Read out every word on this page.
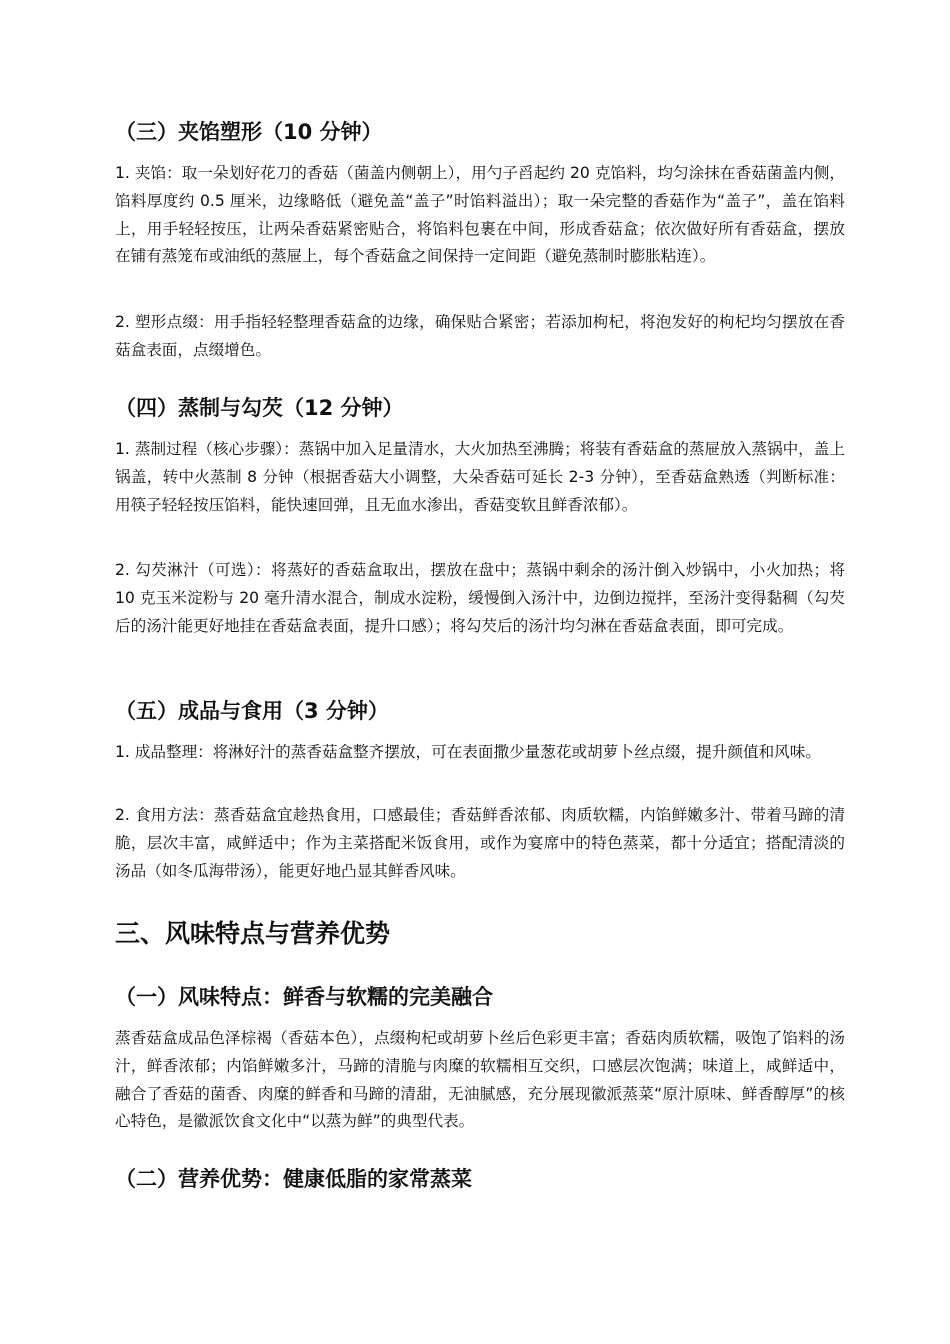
（三）夹馅塑形（10 分钟）

1. 夹馅：取一朵划好花刀的香菇（菌盖内侧朝上），用勺子舀起约 20 克馅料，均匀涂抹在香菇菌盖内侧，馅料厚度约 0.5 厘米，边缘略低（避免盖“盖子”时馅料溢出）；取一朵完整的香菇作为“盖子”，盖在馅料上，用手轻轻按压，让两朵香菇紧密贴合，将馅料包裹在中间，形成香菇盒；依次做好所有香菇盒，摆放在铺有蒸笼布或油纸的蒸屉上，每个香菇盒之间保持一定间距（避免蒸制时膨胀粘连）。

2. 塑形点缀：用手指轻轻整理香菇盒的边缘，确保贴合紧密；若添加枸杞，将泡发好的枸杞均匀摆放在香菇盒表面，点缀增色。

（四）蒸制与勾芡（12 分钟）

1. 蒸制过程（核心步骤）：蒸锅中加入足量清水，大火加热至沸腾；将装有香菇盒的蒸屉放入蒸锅中，盖上锅盖，转中火蒸制 8 分钟（根据香菇大小调整，大朵香菇可延长 2-3 分钟），至香菇盒熟透（判断标准：用筷子轻轻按压馅料，能快速回弹，且无血水渗出，香菇变软且鲜香浓郁）。

2. 勾芡淋汁（可选）：将蒸好的香菇盒取出，摆放在盘中；蒸锅中剩余的汤汁倒入炒锅中，小火加热；将 10 克玉米淀粉与 20 毫升清水混合，制成水淀粉，缓慢倒入汤汁中，边倒边搅拌，至汤汁变得黏稠（勾芡后的汤汁能更好地挂在香菇盒表面，提升口感）；将勾芡后的汤汁均匀淋在香菇盒表面，即可完成。

（五）成品与食用（3 分钟）

1. 成品整理：将淋好汁的蒸香菇盒整齐摆放，可在表面撒少量葱花或胡萝卜丝点缀，提升颜值和风味。

2. 食用方法：蒸香菇盒宜趁热食用，口感最佳；香菇鲜香浓郁、肉质软糯，内馅鲜嫩多汁、带着马蹄的清脆，层次丰富，咸鲜适中；作为主菜搭配米饭食用，或作为宴席中的特色蒸菜，都十分适宜；搭配清淡的汤品（如冬瓜海带汤），能更好地凸显其鲜香风味。

三、风味特点与营养优势
（一）风味特点：鲜香与软糯的完美融合

蒸香菇盒成品色泽棕褐（香菇本色），点缀枸杞或胡萝卜丝后色彩更丰富；香菇肉质软糯，吸饱了馅料的汤汁，鲜香浓郁；内馅鲜嫩多汁，马蹄的清脆与肉糜的软糯相互交织，口感层次饱满；味道上，咸鲜适中，融合了香菇的菌香、肉糜的鲜香和马蹄的清甜，无油腻感，充分展现徽派蒸菜“原汁原味、鲜香醇厚”的核心特色，是徽派饮食文化中“以蒸为鲜”的典型代表。

（二）营养优势：健康低脂的家常蒸菜
